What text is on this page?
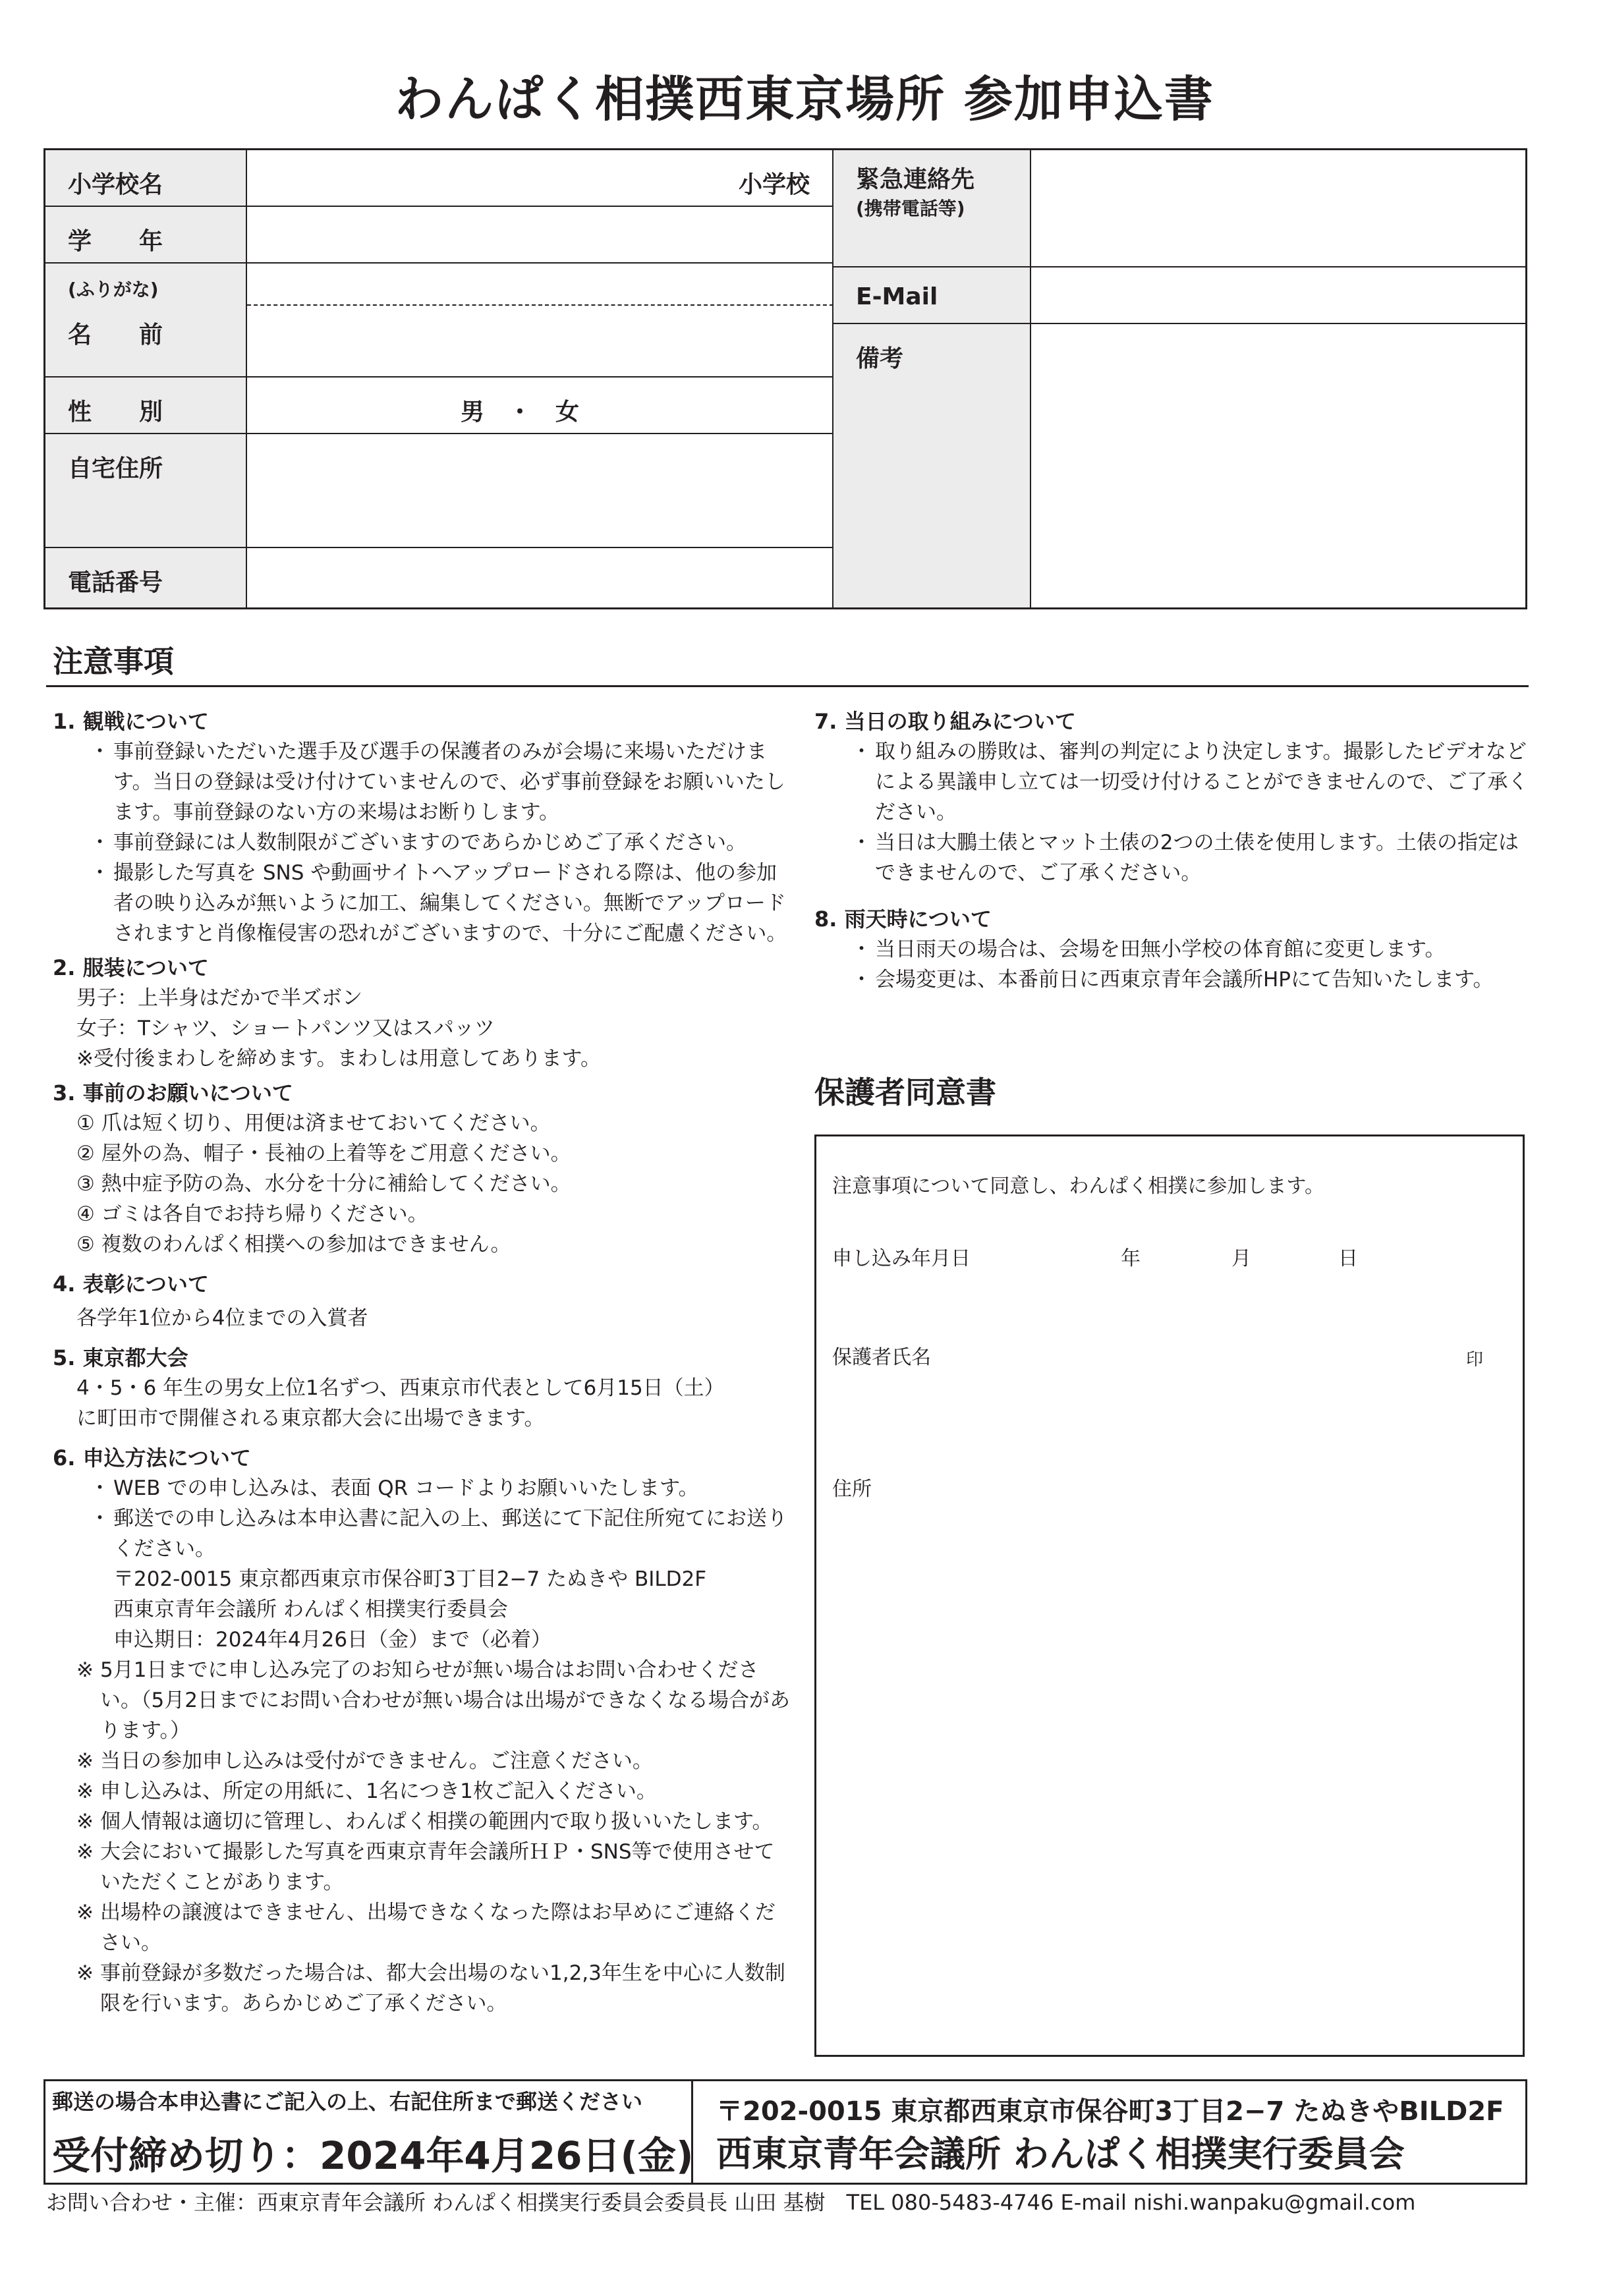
わんぱく相撲西東京場所 参加申込書
小学校名	小学校
学　　年
(ふりがな)
名　　前
性　　別	男　・　女
自宅住所
電話番号
緊急連絡先
(携帯電話等)
E-Mail
備考
注意事項
1. 観戦について
・ 事前登録いただいた選手及び選手の保護者のみが会場に来場いただけます。当日の登録は受け付けていませんので、必ず事前登録をお願いいたします。事前登録のない方の来場はお断りします。
・ 事前登録には人数制限がございますのであらかじめご了承ください。
・ 撮影した写真を SNS や動画サイトへアップロードされる際は、他の参加者の映り込みが無いように加工、編集してください。無断でアップロードされますと肖像権侵害の恐れがございますので、十分にご配慮ください。
2. 服装について
男子：上半身はだかで半ズボン
女子：Tシャツ、ショートパンツ又はスパッツ
※受付後まわしを締めます。まわしは用意してあります。
3. 事前のお願いについて
① 爪は短く切り、用便は済ませておいてください。
② 屋外の為、帽子・長袖の上着等をご用意ください。
③ 熱中症予防の為、水分を十分に補給してください。
④ ゴミは各自でお持ち帰りください。
⑤ 複数のわんぱく相撲への参加はできません。
4. 表彰について
各学年1位から4位までの入賞者
5. 東京都大会
4・5・6 年生の男女上位1名ずつ、西東京市代表として6月15日（土）
に町田市で開催される東京都大会に出場できます。
6. 申込方法について
・ WEB での申し込みは、表面 QR コードよりお願いいたします。
・ 郵送での申し込みは本申込書に記入の上、郵送にて下記住所宛てにお送りください。
〒202-0015 東京都西東京市保谷町3丁目2−7 たぬきや BILD2F
西東京青年会議所 わんぱく相撲実行委員会
申込期日：2024年4月26日（金）まで（必着）
※ 5月1日までに申し込み完了のお知らせが無い場合はお問い合わせください。（5月2日までにお問い合わせが無い場合は出場ができなくなる場合があります。）
※ 当日の参加申し込みは受付ができません。ご注意ください。
※ 申し込みは、所定の用紙に、1名につき1枚ご記入ください。
※ 個人情報は適切に管理し、わんぱく相撲の範囲内で取り扱いいたします。
※ 大会において撮影した写真を西東京青年会議所ＨＰ・SNS等で使用させていただくことがあります。
※ 出場枠の譲渡はできません、出場できなくなった際はお早めにご連絡ください。
※ 事前登録が多数だった場合は、都大会出場のない1,2,3年生を中心に人数制限を行います。あらかじめご了承ください。
7. 当日の取り組みについて
・ 取り組みの勝敗は、審判の判定により決定します。撮影したビデオなどによる異議申し立ては一切受け付けることができませんので、ご了承ください。
・ 当日は大鵬土俵とマット土俵の2つの土俵を使用します。土俵の指定はできませんので、ご了承ください。
8. 雨天時について
・ 当日雨天の場合は、会場を田無小学校の体育館に変更します。
・ 会場変更は、本番前日に西東京青年会議所HPにて告知いたします。
保護者同意書
注意事項について同意し、わんぱく相撲に参加します。
申し込み年月日	年	月	日
保護者氏名	印
住所
郵送の場合本申込書にご記入の上、右記住所まで郵送ください
受付締め切り：2024年4月26日(金)
〒202-0015 東京都西東京市保谷町3丁目2−7 たぬきやBILD2F
西東京青年会議所 わんぱく相撲実行委員会
お問い合わせ・主催：西東京青年会議所 わんぱく相撲実行委員会委員長 山田 基樹　TEL 080-5483-4746 E-mail nishi.wanpaku@gmail.com
